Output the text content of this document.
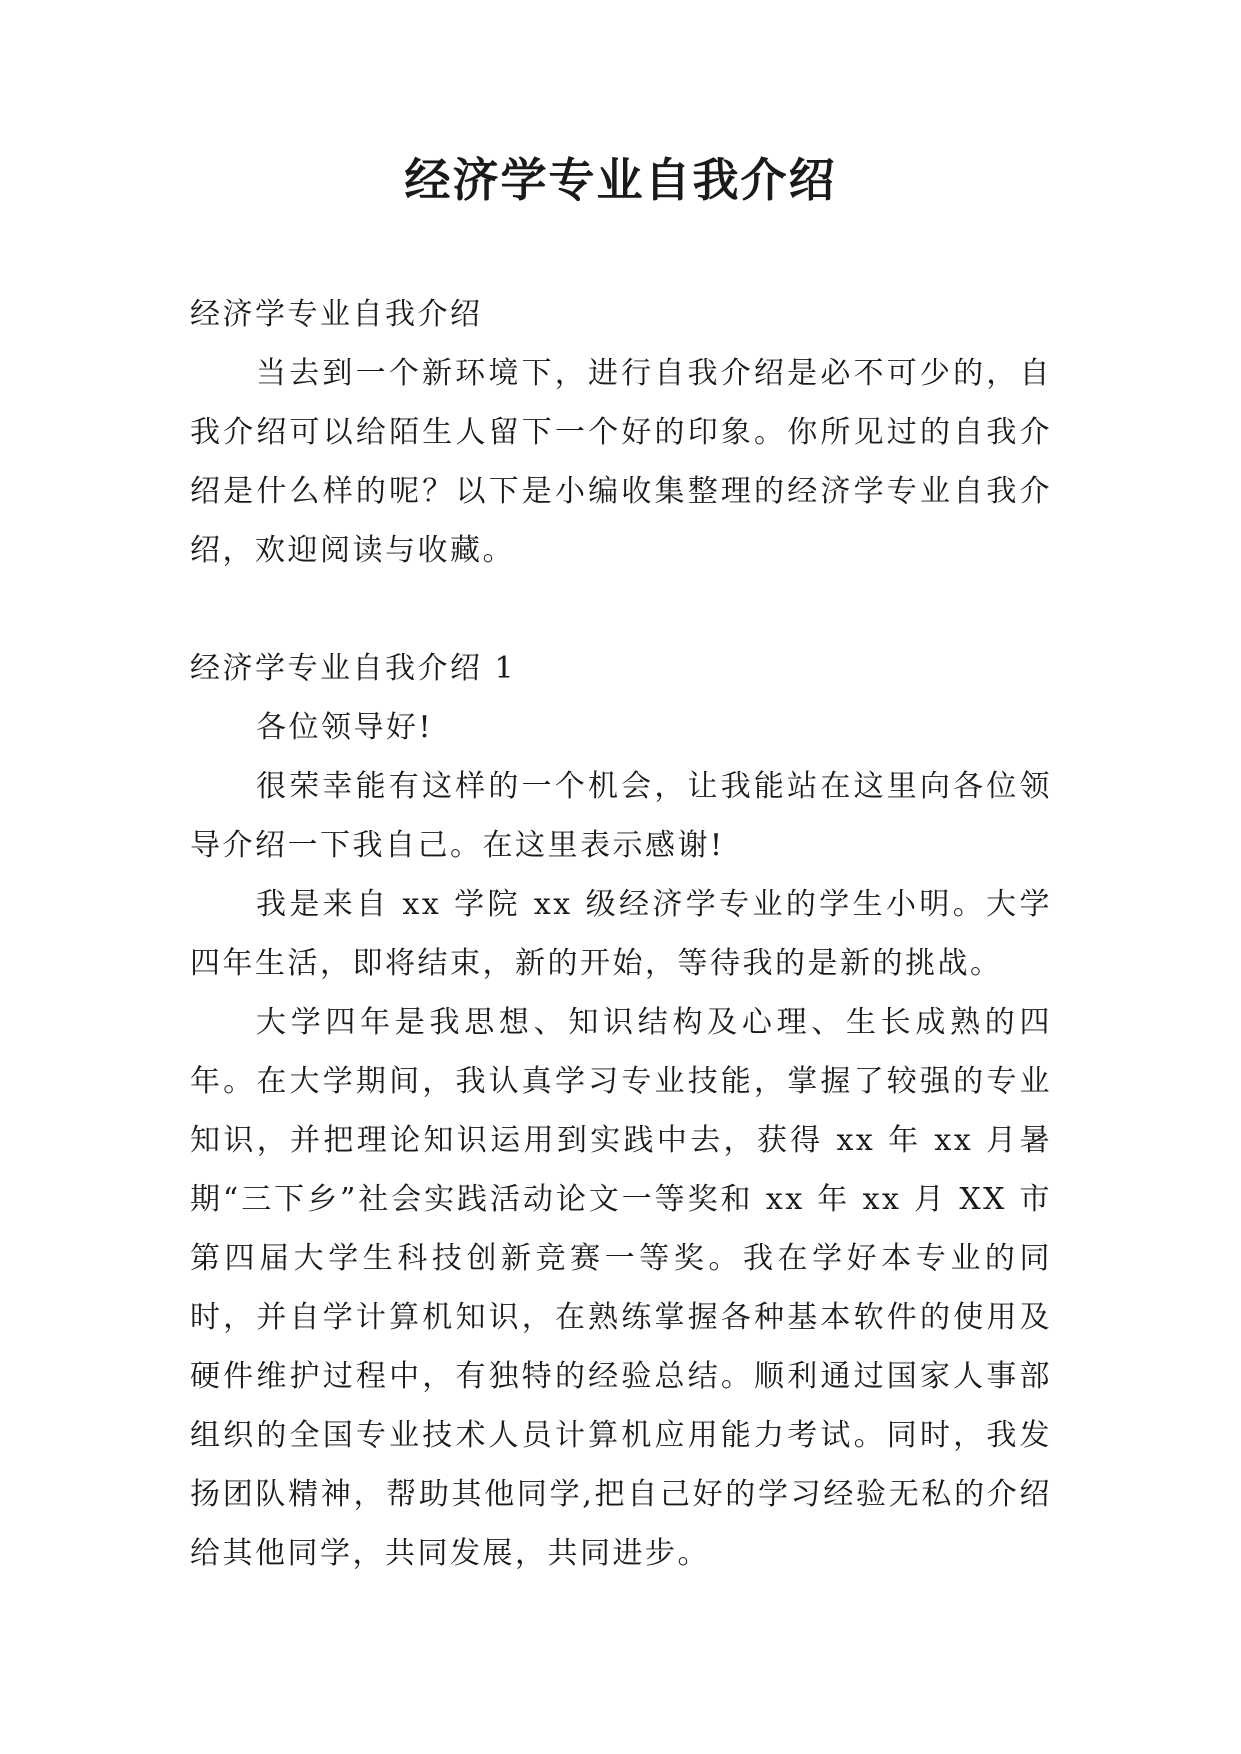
经济学专业自我介绍

经济学专业自我介绍

当去到一个新环境下，进行自我介绍是必不可少的，自我介绍可以给陌生人留下一个好的印象。你所见过的自我介绍是什么样的呢？以下是小编收集整理的经济学专业自我介绍，欢迎阅读与收藏。

经济学专业自我介绍 1

各位领导好!

很荣幸能有这样的一个机会，让我能站在这里向各位领导介绍一下我自己。在这里表示感谢!

我是来自 xx 学院 xx 级经济学专业的学生小明。大学四年生活，即将结束，新的开始，等待我的是新的挑战。

大学四年是我思想、知识结构及心理、生长成熟的四年。在大学期间，我认真学习专业技能，掌握了较强的专业知识，并把理论知识运用到实践中去，获得 xx 年 xx 月暑期“三下乡”社会实践活动论文一等奖和 xx 年 xx 月 XX 市第四届大学生科技创新竞赛一等奖。我在学好本专业的同时，并自学计算机知识，在熟练掌握各种基本软件的使用及硬件维护过程中，有独特的经验总结。顺利通过国家人事部组织的全国专业技术人员计算机应用能力考试。同时，我发扬团队精神，帮助其他同学,把自己好的学习经验无私的介绍给其他同学，共同发展，共同进步。
